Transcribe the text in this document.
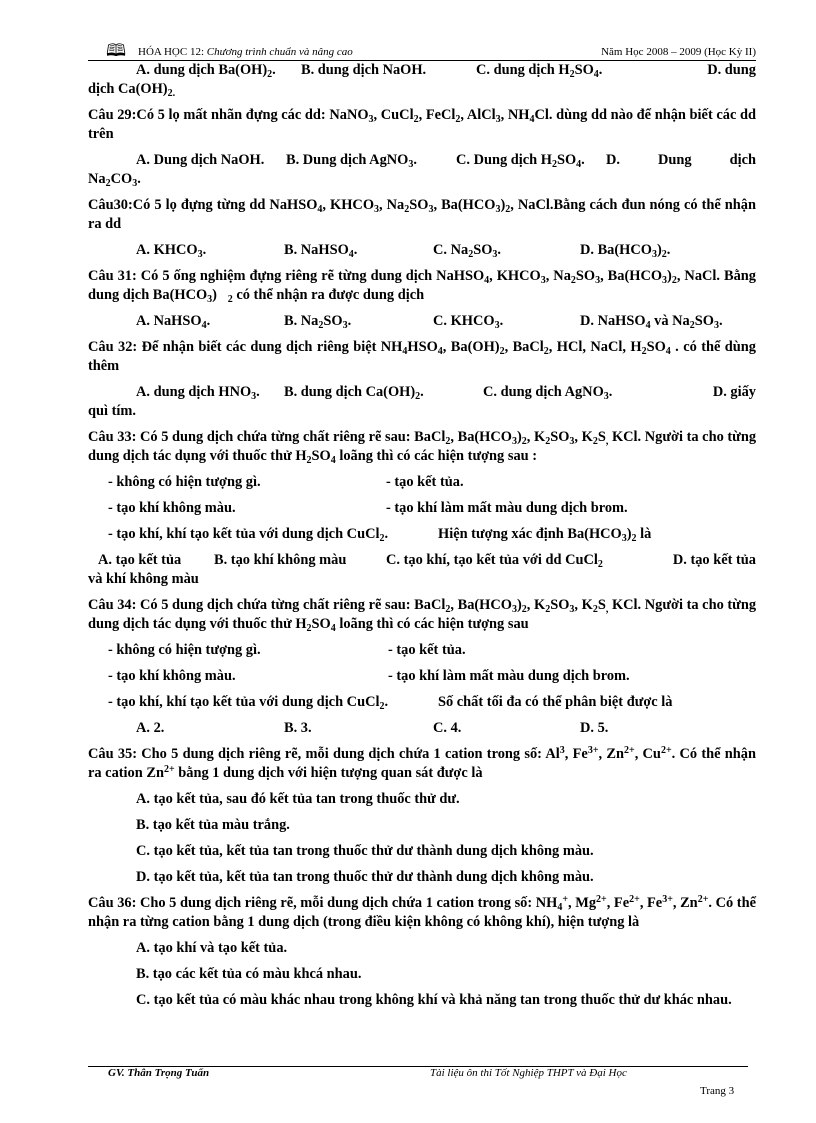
🕮 HÓA HỌC 12: Chương trình chuẩn và nâng cao	Năm Học 2008 – 2009 (Học Kỳ II)

A. dung dịch $Ba(OH)_2$.	B. dung dịch NaOH.	C. dung dịch $H_2SO_4$.	D. dung

dịch $Ca(OH)_{2.}$

Câu 29:Có 5 lọ mất nhãn đựng các dd: NaNO$_3$, CuCl$_2$, FeCl$_2$, AlCl$_3$, $NH_4Cl$. dùng dd nào để nhận biết các dd trên

A. Dung dịch NaOH.	B. Dung dịch AgNO$_3$.	C. Dung dịch $H_2SO_4$.	D. Dung dịch

$Na_2CO_3$.

Câu30:Có 5 lọ đựng từng dd NaHSO$_4$, $KHCO_3$, $Na_2SO_3$, $Ba(HCO_3)_2$, NaCl.Bằng cách đun nóng có thể nhận ra dd

A. $KHCO_3$.	B. NaHSO$_4$.	C. $Na_2SO_3$.	D. $Ba(HCO_3)_2$.

Câu 31: Có 5 ống nghiệm đựng riêng rẽ từng dung dịch NaHSO$_4$, $KHCO_3$, $Na_2SO_3$, $Ba(HCO_3)_2$, NaCl. Bằng dung dịch $Ba(HCO_3)$   $_2$ có thể nhận ra được dung dịch

A. NaHSO$_4$.	B. $Na_2SO_3$.	C. $KHCO_3$.	D. NaHSO$_4$ và $Na_2SO_3$.

Câu 32: Để nhận biết các dung dịch riêng biệt $NH_4HSO_4$, $Ba(OH)_2$, BaCl$_2$, HCl, NaCl, $H_2SO_4$ . có thể dùng thêm

A. dung dịch $HNO_3$.	B. dung dịch $Ca(OH)_2$.	C. dung dịch AgNO$_3$.	D. giấy

quì tím.

Câu 33: Có 5 dung dịch chứa từng chất riêng rẽ sau: BaCl$_2$, $Ba(HCO_3)_2$, $K_2SO_3$, $K_2S_,$ KCl. Người ta cho từng dung dịch tác dụng với thuốc thử $H_2SO_4$ loãng thì có các hiện tượng sau :

- không có hiện tượng gì.	- tạo kết tủa.
- tạo khí không màu.	- tạo khí làm mất màu dung dịch brom.
- tạo khí, khí tạo kết tủa với dung dịch CuCl$_2$.	Hiện tượng xác định $Ba(HCO_3)_2$ là
A. tạo kết tủa	B. tạo khí không màu	C. tạo khí, tạo kết tủa với dd CuCl$_2$	D. tạo kết tủa

và khí không màu

Câu 34: Có 5 dung dịch chứa từng chất riêng rẽ sau: BaCl$_2$, $Ba(HCO_3)_2$, $K_2SO_3$, $K_2S_,$ KCl. Người ta cho từng dung dịch tác dụng với thuốc thử $H_2SO_4$ loãng thì có các hiện tượng sau

- không có hiện tượng gì.	- tạo kết tủa.
- tạo khí không màu.	- tạo khí làm mất màu dung dịch brom.
- tạo khí, khí tạo kết tủa với dung dịch CuCl$_2$.	Số chất tối đa có thể phân biệt được là

A. 2.	B. 3.	C. 4.	D. 5.

Câu 35: Cho 5 dung dịch riêng rẽ, mỗi dung dịch chứa 1 cation trong số: Al$^3$, $Fe^{3+}$, $Zn^{2+}$, $Cu^{2+}$. Có thể nhận ra cation $Zn^{2+}$ bằng 1 dung dịch với hiện tượng quan sát được là

A. tạo kết tủa, sau đó kết tủa tan trong thuốc thử dư.

B. tạo kết tủa màu trắng.

C. tạo kết tủa, kết tủa tan trong thuốc thử dư thành dung dịch không màu.

D. tạo kết tủa, kết tủa tan trong thuốc thử dư thành dung dịch không màu.

Câu 36: Cho 5 dung dịch riêng rẽ, mỗi dung dịch chứa 1 cation trong số: $NH_4^+$, $Mg^{2+}$, $Fe^{2+}$, $Fe^{3+}$, $Zn^{2+}$. Có thể nhận ra từng cation bằng 1 dung dịch (trong điều kiện không có không khí), hiện tượng là

A. tạo khí và tạo kết tủa.

B. tạo các kết tủa có màu khcá nhau.

C. tạo kết tủa có màu khác nhau trong không khí và khả năng tan trong thuốc thử dư khác nhau.

GV. Thân Trọng Tuấn	Tài liệu ôn thi Tốt Nghiệp THPT và Đại Học
Trang 3
